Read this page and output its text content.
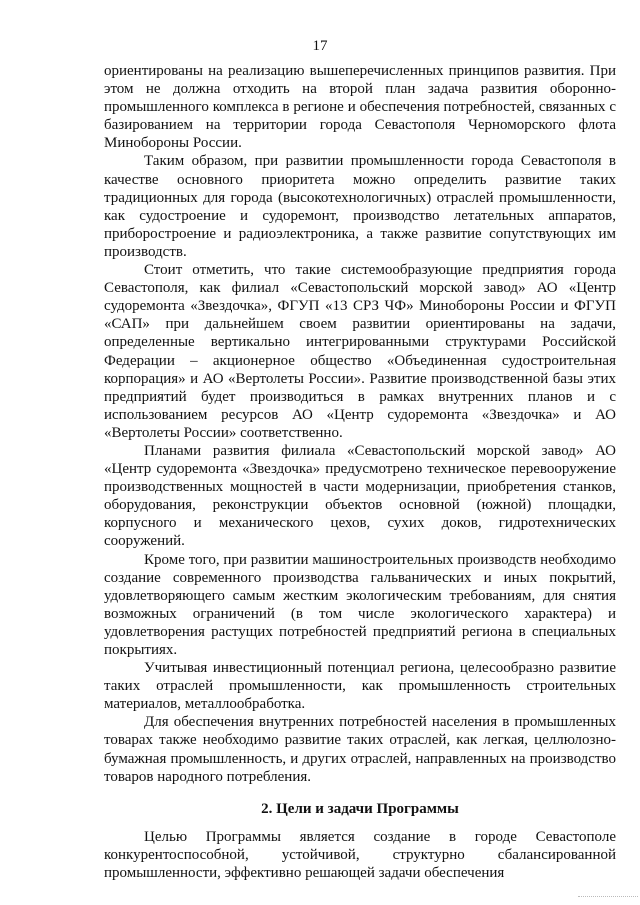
17

ориентированы на реализацию вышеперечисленных принципов развития. При этом не должна отходить на второй план задача развития оборонно-промышленного комплекса в регионе и обеспечения потребностей, связанных с базированием на территории города Севастополя Черноморского флота Минобороны России.

Таким образом, при развитии промышленности города Севастополя в качестве основного приоритета можно определить развитие таких традиционных для города (высокотехнологичных) отраслей промышленности, как судостроение и судоремонт, производство летательных аппаратов, приборостроение и радиоэлектроника, а также развитие сопутствующих им производств.

Стоит отметить, что такие системообразующие предприятия города Севастополя, как филиал «Севастопольский морской завод» АО «Центр судоремонта «Звездочка», ФГУП «13 СРЗ ЧФ» Минобороны России и ФГУП «САП» при дальнейшем своем развитии ориентированы на задачи, определенные вертикально интегрированными структурами Российской Федерации – акционерное общество «Объединенная судостроительная корпорация» и АО «Вертолеты России». Развитие производственной базы этих предприятий будет производиться в рамках внутренних планов и с использованием ресурсов АО «Центр судоремонта «Звездочка» и АО «Вертолеты России» соответственно.

Планами развития филиала «Севастопольский морской завод» АО «Центр судоремонта «Звездочка» предусмотрено техническое перевооружение производственных мощностей в части модернизации, приобретения станков, оборудования, реконструкции объектов основной (южной) площадки, корпусного и механического цехов, сухих доков, гидротехнических сооружений.

Кроме того, при развитии машиностроительных производств необходимо создание современного производства гальванических и иных покрытий, удовлетворяющего самым жестким экологическим требованиям, для снятия возможных ограничений (в том числе экологического характера) и удовлетворения растущих потребностей предприятий региона в специальных покрытиях.

Учитывая инвестиционный потенциал региона, целесообразно развитие таких отраслей промышленности, как промышленность строительных материалов, металлообработка.

Для обеспечения внутренних потребностей населения в промышленных товарах также необходимо развитие таких отраслей, как легкая, целлюлозно-бумажная промышленность, и других отраслей, направленных на производство товаров народного потребления.

2. Цели и задачи Программы

Целью Программы является создание в городе Севастополе конкурентоспособной, устойчивой, структурно сбалансированной промышленности, эффективно решающей задачи обеспечения
